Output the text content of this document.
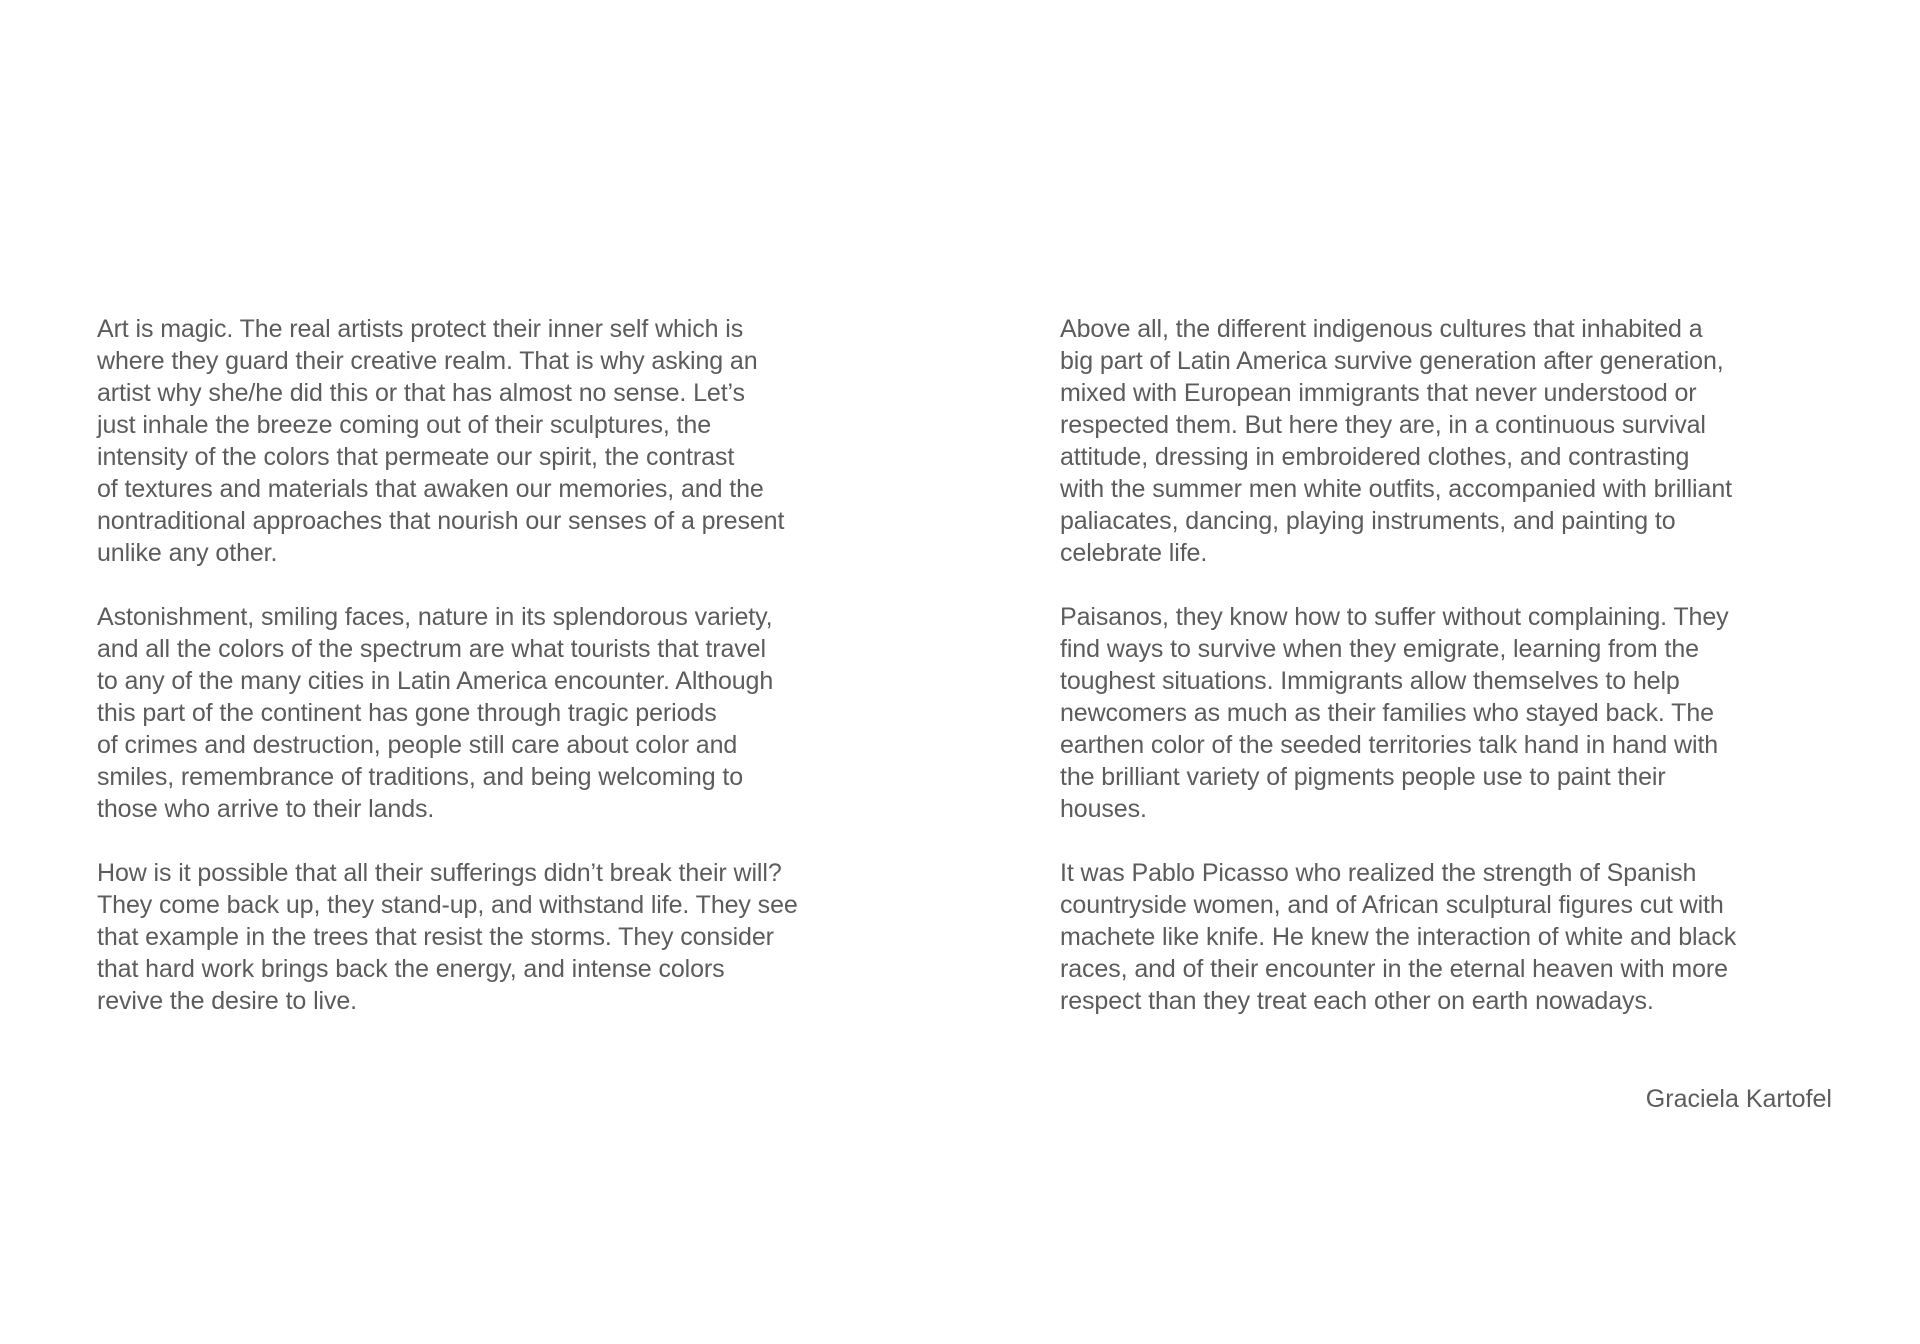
Art is magic. The real artists protect their inner self which is
where they guard their creative realm. That is why asking an
artist why she/he did this or that has almost no sense. Let’s
just inhale the breeze coming out of their sculptures, the
intensity of the colors that permeate our spirit, the contrast
of textures and materials that awaken our memories, and the
nontraditional approaches that nourish our senses of a present
unlike any other.

Astonishment, smiling faces, nature in its splendorous variety,
and all the colors of the spectrum are what tourists that travel
to any of the many cities in Latin America encounter. Although
this part of the continent has gone through tragic periods
of crimes and destruction, people still care about color and
smiles, remembrance of traditions, and being welcoming to
those who arrive to their lands.

How is it possible that all their sufferings didn’t break their will?
They come back up, they stand-up, and withstand life. They see
that example in the trees that resist the storms. They consider
that hard work brings back the energy, and intense colors
revive the desire to live.

Above all, the different indigenous cultures that inhabited a
big part of Latin America survive generation after generation,
mixed with European immigrants that never understood or
respected them. But here they are, in a continuous survival
attitude, dressing in embroidered clothes, and contrasting
with the summer men white outfits, accompanied with brilliant
paliacates, dancing, playing instruments, and painting to
celebrate life.

Paisanos, they know how to suffer without complaining. They
find ways to survive when they emigrate, learning from the
toughest situations. Immigrants allow themselves to help
newcomers as much as their families who stayed back. The
earthen color of the seeded territories talk hand in hand with
the brilliant variety of pigments people use to paint their
houses.

It was Pablo Picasso who realized the strength of Spanish
countryside women, and of African sculptural figures cut with
machete like knife. He knew the interaction of white and black
races, and of their encounter in the eternal heaven with more
respect than they treat each other on earth nowadays.

Graciela Kartofel
